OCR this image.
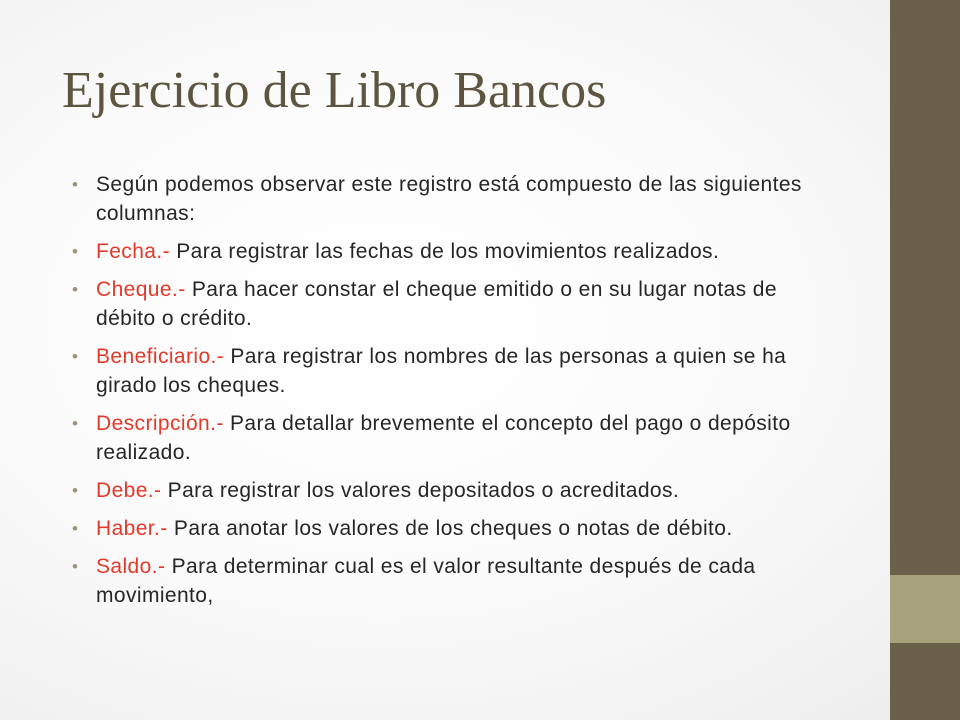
Ejercicio de Libro Bancos
• Según podemos observar este registro está compuesto de las siguientes columnas:
• Fecha.- Para registrar las fechas de los movimientos realizados.
• Cheque.- Para hacer constar el cheque emitido o en su lugar notas de débito o crédito.
• Beneficiario.- Para registrar los nombres de las personas a quien se ha girado los cheques.
• Descripción.- Para detallar brevemente el concepto del pago o depósito realizado.
• Debe.- Para registrar los valores depositados o acreditados.
• Haber.- Para anotar los valores de los cheques o notas de débito.
• Saldo.- Para determinar cual es el valor resultante después de cada movimiento,
